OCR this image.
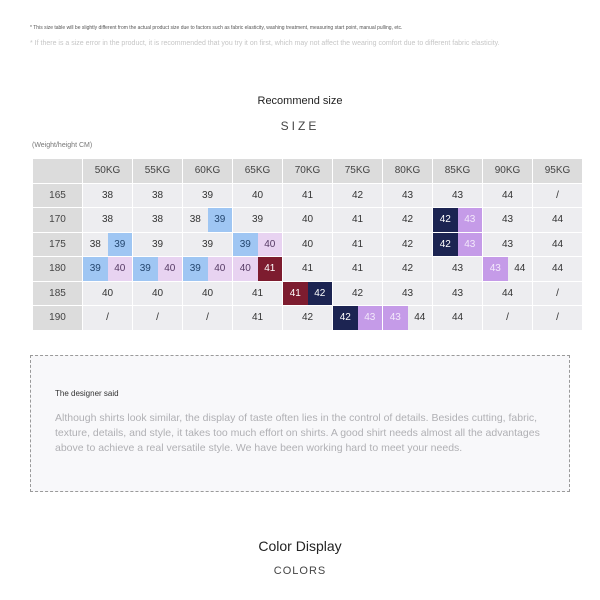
* This size table will be slightly different from the actual product size due to factors such as fabric elasticity, washing treatment, measuring start point, manual pulling, etc.
* If there is a size error in the product, it is recommended that you try it on first, which may not affect the wearing comfort due to different fabric elasticity.
Recommend size
SIZE
(Weight/height CM)
	50KG	55KG	60KG	65KG	70KG	75KG	80KG	85KG	90KG	95KG
165	38	38	39	40	41	42	43	43	44	/
170	38	38	38 39	39	40	41	42	42 43	43	44
175	38 39	39	39	39 40	40	41	42	42 43	43	44
180	39 40	39 40	39 40	40 41	41	41	42	43	43 44	44
185	40	40	40	41	41 42	42	43	43	44	/
190	/	/	/	41	42	42 43	43 44	44	/	/
The designer said
Although shirts look similar, the display of taste often lies in the control of details. Besides cutting, fabric, texture, details, and style, it takes too much effort on shirts. A good shirt needs almost all the advantages above to achieve a real versatile style. We have been working hard to meet your needs.
Color Display
COLORS
